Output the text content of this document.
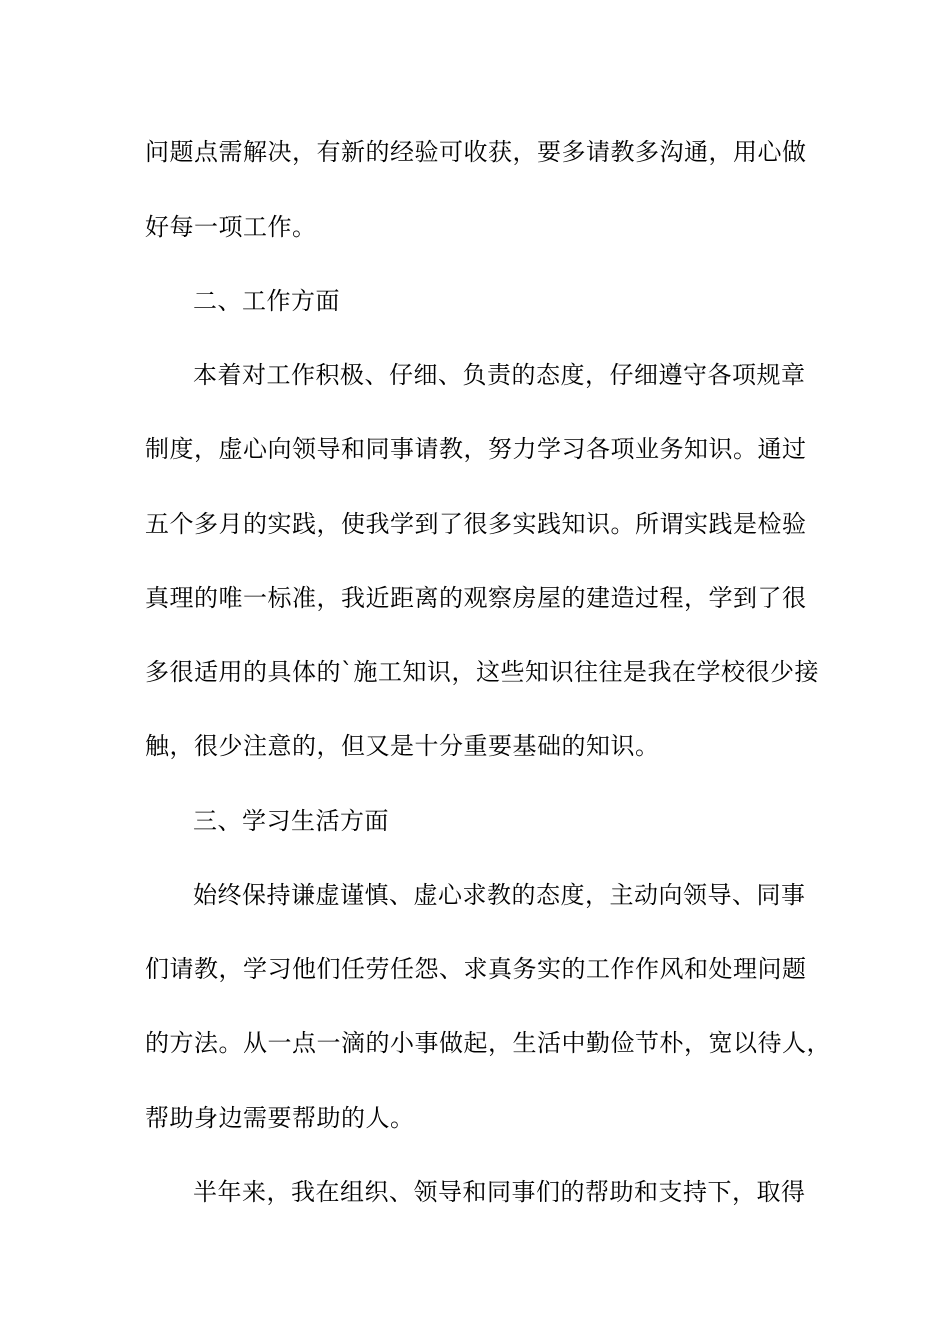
问题点需解决，有新的经验可收获，要多请教多沟通，用心做
好每一项工作。
二、工作方面
本着对工作积极、仔细、负责的态度，仔细遵守各项规章
制度，虚心向领导和同事请教，努力学习各项业务知识。通过
五个多月的实践，使我学到了很多实践知识。所谓实践是检验
真理的唯一标准，我近距离的观察房屋的建造过程，学到了很
多很适用的具体的`施工知识，这些知识往往是我在学校很少接
触，很少注意的，但又是十分重要基础的知识。
三、学习生活方面
始终保持谦虚谨慎、虚心求教的态度，主动向领导、同事
们请教，学习他们任劳任怨、求真务实的工作作风和处理问题
的方法。从一点一滴的小事做起，生活中勤俭节朴，宽以待人，
帮助身边需要帮助的人。
半年来，我在组织、领导和同事们的帮助和支持下，取得
